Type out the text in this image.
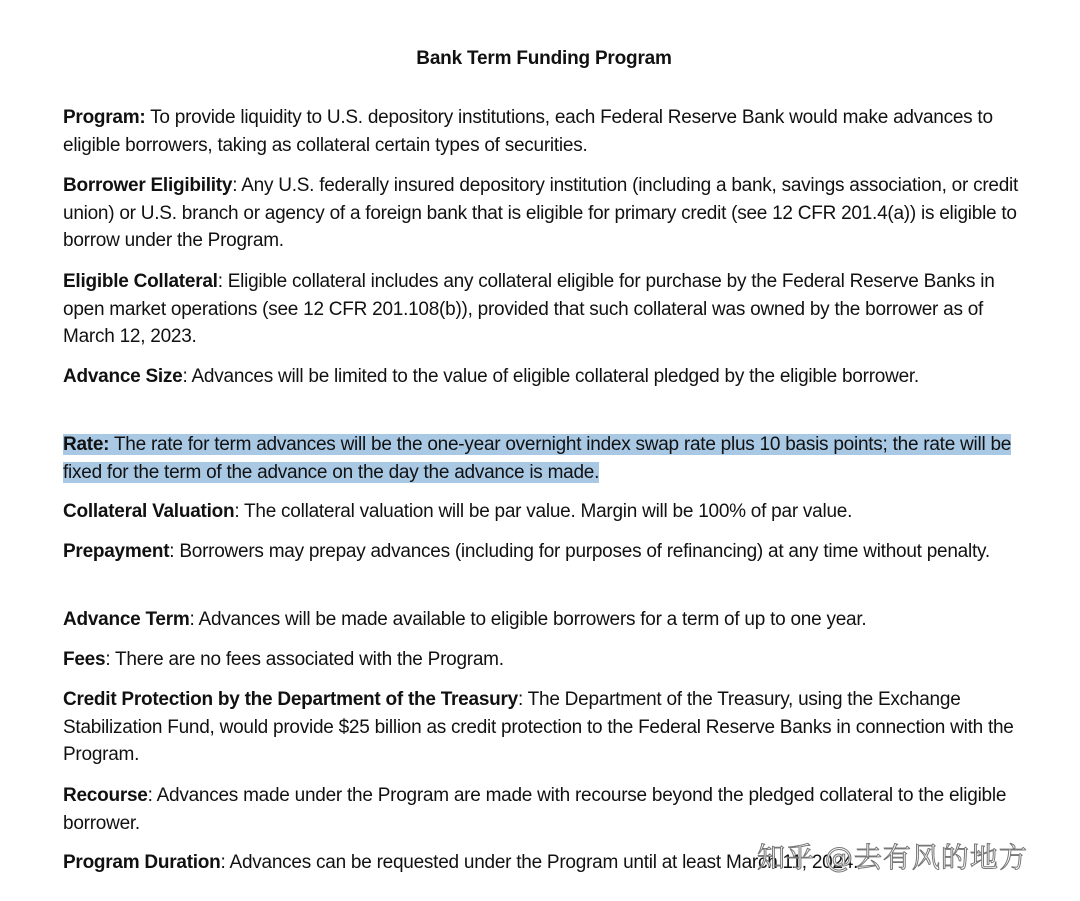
Bank Term Funding Program

Program: To provide liquidity to U.S. depository institutions, each Federal Reserve Bank would make advances to eligible borrowers, taking as collateral certain types of securities.

Borrower Eligibility: Any U.S. federally insured depository institution (including a bank, savings association, or credit union) or U.S. branch or agency of a foreign bank that is eligible for primary credit (see 12 CFR 201.4(a)) is eligible to borrow under the Program.

Eligible Collateral: Eligible collateral includes any collateral eligible for purchase by the Federal Reserve Banks in open market operations (see 12 CFR 201.108(b)), provided that such collateral was owned by the borrower as of March 12, 2023.

Advance Size: Advances will be limited to the value of eligible collateral pledged by the eligible borrower.

Rate: The rate for term advances will be the one-year overnight index swap rate plus 10 basis points; the rate will be fixed for the term of the advance on the day the advance is made.

Collateral Valuation: The collateral valuation will be par value. Margin will be 100% of par value.

Prepayment: Borrowers may prepay advances (including for purposes of refinancing) at any time without penalty.

Advance Term: Advances will be made available to eligible borrowers for a term of up to one year.

Fees: There are no fees associated with the Program.

Credit Protection by the Department of the Treasury: The Department of the Treasury, using the Exchange Stabilization Fund, would provide $25 billion as credit protection to the Federal Reserve Banks in connection with the Program.

Recourse: Advances made under the Program are made with recourse beyond the pledged collateral to the eligible borrower.

Program Duration: Advances can be requested under the Program until at least March 11, 2024.

知乎 @去有风的地方
